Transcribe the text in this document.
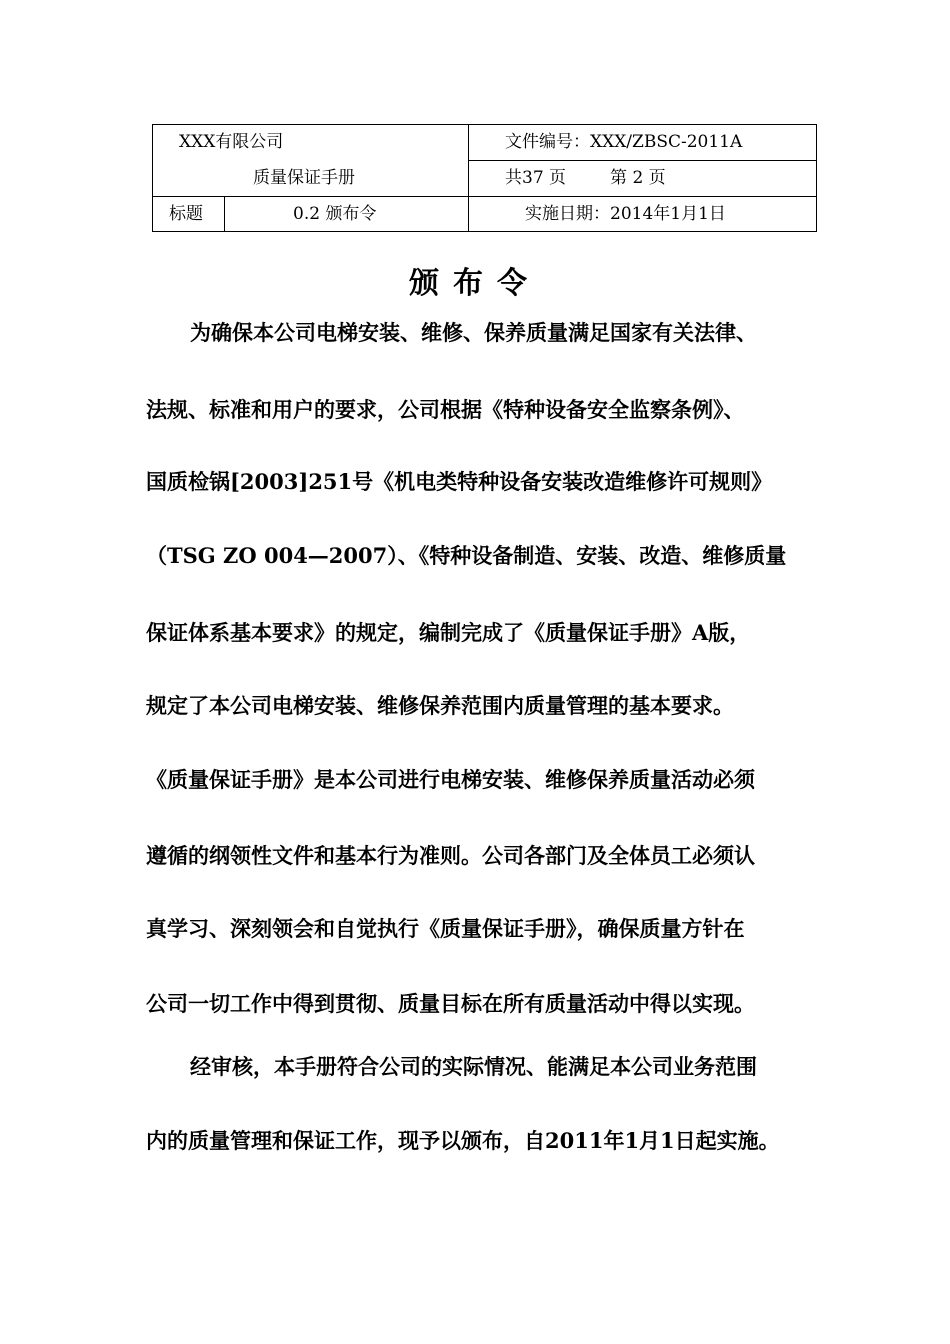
XXX有限公司		文件编号：XXX/ZBSC-2011A
质量保证手册		共37 页 第 2 页
标题	0.2 颁布令	实施日期：2014年1月1日
颁布令
为确保本公司电梯安装、维修、保养质量满足国家有关法律、
法规、标准和用户的要求，公司根据《特种设备安全监察条例》、
国质检锅[2003]251号《机电类特种设备安装改造维修许可规则》
（TSG ZO 004—2007）、《特种设备制造、安装、改造、维修质量
保证体系基本要求》的规定，编制完成了《质量保证手册》A版，
规定了本公司电梯安装、维修保养范围内质量管理的基本要求。
《质量保证手册》是本公司进行电梯安装、维修保养质量活动必须
遵循的纲领性文件和基本行为准则。公司各部门及全体员工必须认
真学习、深刻领会和自觉执行《质量保证手册》，确保质量方针在
公司一切工作中得到贯彻、质量目标在所有质量活动中得以实现。
经审核，本手册符合公司的实际情况、能满足本公司业务范围
内的质量管理和保证工作，现予以颁布，自2011年1月1日起实施。
